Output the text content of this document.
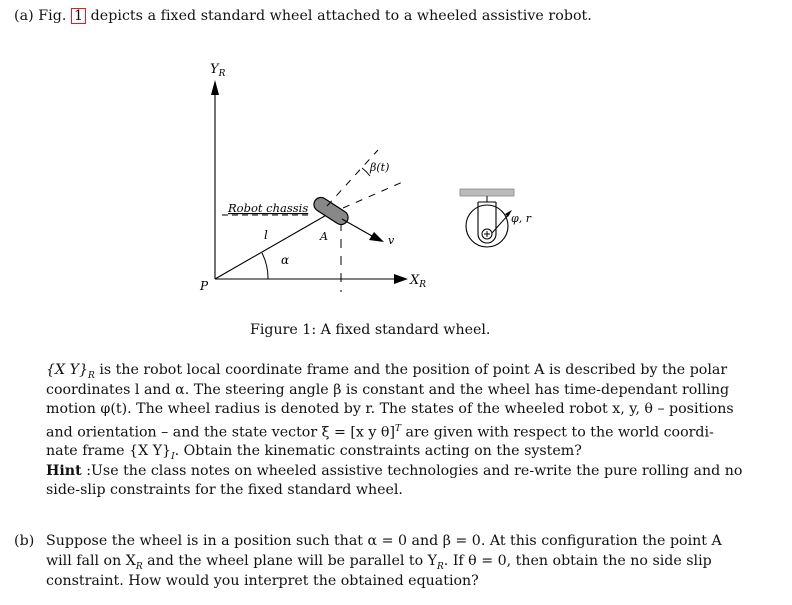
(a) Fig. 1 depicts a fixed standard wheel attached to a wheeled assistive robot.
$Y_R$
$X_R$
P
Robot chassis
l
α
A
β(t)
v
φ, r
Figure 1: A fixed standard wheel.
{X $Y\}_R$ is the robot local coordinate frame and the position of point A is described by the polar
coordinates l and α. The steering angle β is constant and the wheel has time-dependant rolling
motion φ(t). The wheel radius is denoted by r. The states of the wheeled robot x, y, θ – positions
and orientation – and the state vector ξ = [x y θ]$^T$ are given with respect to the world coordi-
nate frame {X $Y\}_I$. Obtain the kinematic constraints acting on the system?
Hint :Use the class notes on wheeled assistive technologies and re-write the pure rolling and no
side-slip constraints for the fixed standard wheel.
(b) Suppose the wheel is in a position such that α = 0 and β = 0. At this configuration the point A
will fall on $X_R$ and the wheel plane will be parallel to $Y_R$. If θ = 0, then obtain the no side slip
constraint. How would you interpret the obtained equation?
